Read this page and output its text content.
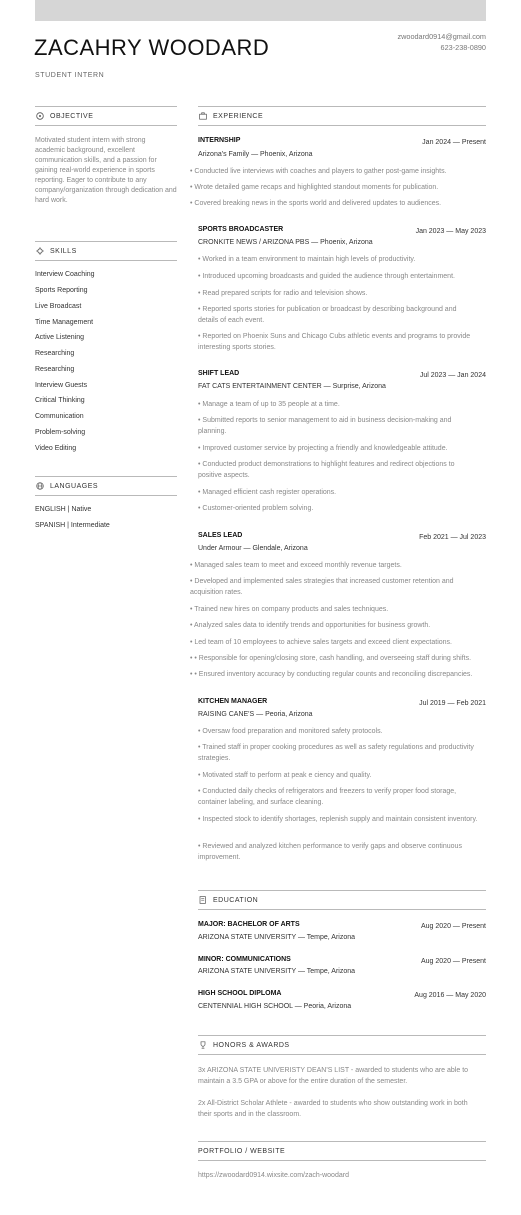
ZACAHRY WOODARD	zwoodard0914@gmail.com
623-238-0890
STUDENT INTERN
OBJECTIVE
Motivated student intern with strong academic background, excellent communication skills, and a passion for gaining real-world experience in sports reporting. Eager to contribute to any company/organization through dedication and hard work.
SKILLS
Interview Coaching
Sports Reporting
Live Broadcast
Time Management
Active Listening
Researching
Researching
Interview Guests
Critical Thinking
Communication
Problem-solving
Video Editing
LANGUAGES
ENGLISH | Native
SPANISH | Intermediate
EXPERIENCE
INTERNSHIP	Jan 2024 — Present
Arizona's Family — Phoenix, Arizona
• Conducted live interviews with coaches and players to gather post-game insights.
• Wrote detailed game recaps and highlighted standout moments for publication.
• Covered breaking news in the sports world and delivered updates to audiences.
SPORTS BROADCASTER	Jan 2023 — May 2023
CRONKITE NEWS / ARIZONA PBS — Phoenix, Arizona
• Worked in a team environment to maintain high levels of productivity.
• Introduced upcoming broadcasts and guided the audience through entertainment.
• Read prepared scripts for radio and television shows.
• Reported sports stories for publication or broadcast by describing background and details of each event.
• Reported on Phoenix Suns and Chicago Cubs athletic events and programs to provide interesting sports stories.
SHIFT LEAD	Jul 2023 — Jan 2024
FAT CATS ENTERTAINMENT CENTER — Surprise, Arizona
• Manage a team of up to 35 people at a time.
• Submitted reports to senior management to aid in business decision-making and planning.
• Improved customer service by projecting a friendly and knowledgeable attitude.
• Conducted product demonstrations to highlight features and redirect objections to positive aspects.
• Managed efficient cash register operations.
• Customer-oriented problem solving.
SALES LEAD	Feb 2021 — Jul 2023
Under Armour — Glendale, Arizona
• Managed sales team to meet and exceed monthly revenue targets.
• Developed and implemented sales strategies that increased customer retention and acquisition rates.
• Trained new hires on company products and sales techniques.
• Analyzed sales data to identify trends and opportunities for business growth.
• Led team of 10 employees to achieve sales targets and exceed client expectations.
• • Responsible for opening/closing store, cash handling, and overseeing staff during shifts.
• • Ensured inventory accuracy by conducting regular counts and reconciling discrepancies.
KITCHEN MANAGER	Jul 2019 — Feb 2021
RAISING CANE'S — Peoria, Arizona
• Oversaw food preparation and monitored safety protocols.
• Trained staff in proper cooking procedures as well as safety regulations and productivity strategies.
• Motivated staff to perform at peak e ciency and quality.
• Conducted daily checks of refrigerators and freezers to verify proper food storage, container labeling, and surface cleaning.
• Inspected stock to identify shortages, replenish supply and maintain consistent inventory.
• Reviewed and analyzed kitchen performance to verify gaps and observe continuous improvement.
EDUCATION
MAJOR: BACHELOR OF ARTS	Aug 2020 — Present
ARIZONA STATE UNIVERSITY — Tempe, Arizona
MINOR: COMMUNICATIONS	Aug 2020 — Present
ARIZONA STATE UNIVERSITY — Tempe, Arizona
HIGH SCHOOL DIPLOMA	Aug 2016 — May 2020
CENTENNIAL HIGH SCHOOL — Peoria, Arizona
HONORS & AWARDS
3x ARIZONA STATE UNIVERISTY DEAN'S LIST - awarded to students who are able to maintain a 3.5 GPA or above for the entire duration of the semester.
2x All-District Scholar Athlete - awarded to students who show outstanding work in both their sports and in the classroom.
PORTFOLIO / WEBSITE
https://zwoodard0914.wixsite.com/zach-woodard
